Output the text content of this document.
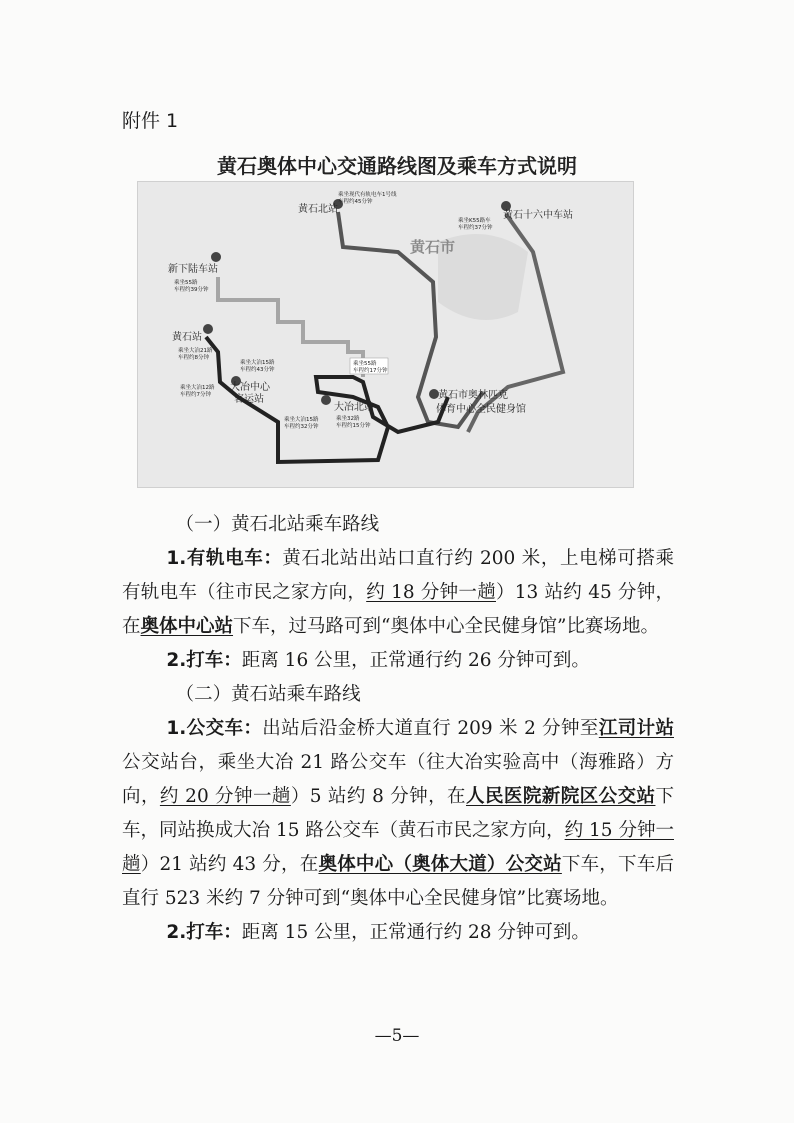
附件 1
黄石奥体中心交通路线图及乘车方式说明
黄石市
黄石北站
乘坐现代有轨电车1号线
车程约45分钟
黄石十六中车站
乘坐K55路车
车程约37分钟
新下陆车站
乘坐55路
车程约39分钟
黄石站
乘坐大冶21路
车程约8分钟
乘坐大冶15路
车程约43分钟
乘坐大冶12路
车程约7分钟
大冶中心
客运站
乘坐大冶15路
车程约32分钟
乘坐55路
车程约17分钟
大冶北站
乘坐32路
车程约15分钟
黄石市奥林匹克
体育中心全民健身馆

（一）黄石北站乘车路线

1.有轨电车：黄石北站出站口直行约 200 米，上电梯可搭乘有轨电车（往市民之家方向，约 18 分钟一趟）13 站约 45 分钟，在奥体中心站下车，过马路可到“奥体中心全民健身馆”比赛场地。

2.打车：距离 16 公里，正常通行约 26 分钟可到。

（二）黄石站乘车路线

1.公交车：出站后沿金桥大道直行 209 米 2 分钟至江司计站公交站台，乘坐大冶 21 路公交车（往大冶实验高中（海雅路）方向，约 20 分钟一趟）5 站约 8 分钟，在人民医院新院区公交站下车，同站换成大冶 15 路公交车（黄石市民之家方向，约 15 分钟一趟）21 站约 43 分，在奥体中心（奥体大道）公交站下车，下车后直行 523 米约 7 分钟可到“奥体中心全民健身馆”比赛场地。

2.打车：距离 15 公里，正常通行约 28 分钟可到。

—5—
